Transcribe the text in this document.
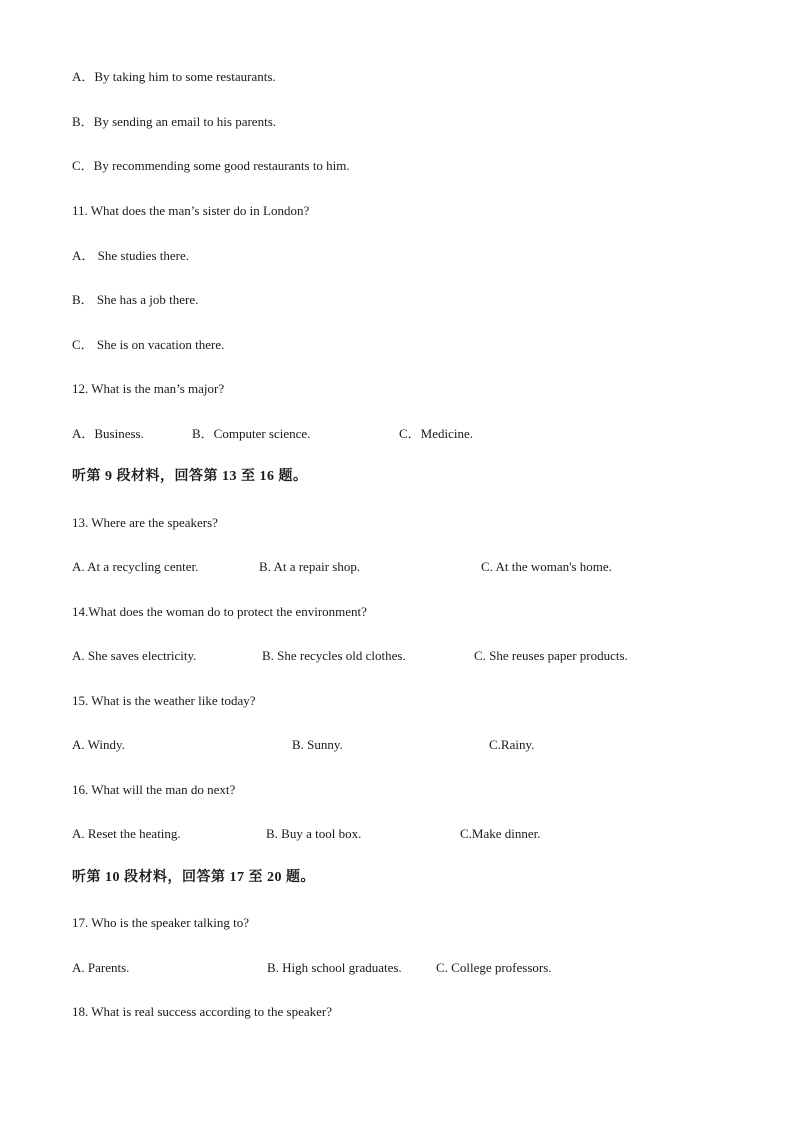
A．By taking him to some restaurants.
B．By sending an email to his parents.
C．By recommending some good restaurants to him.
11. What does the man’s sister do in London?
A． She studies there.
B． She has a job there.
C． She is on vacation there.
12. What is the man’s major?
A．Business.	B．Computer science.	C．Medicine.
听第 9 段材料，回答第 13 至 16 题。
13. Where are the speakers?
A. At a recycling center.	B. At a repair shop.	C. At the woman's home.
14.What does the woman do to protect the environment?
A. She saves electricity.	B. She recycles old clothes.	C. She reuses paper products.
15. What is the weather like today?
A. Windy.	B. Sunny.	C.Rainy.
16. What will the man do next?
A. Reset the heating.	B. Buy a tool box.	C.Make dinner.
听第 10 段材料，回答第 17 至 20 题。
17. Who is the speaker talking to?
A. Parents.	B. High school graduates.	C. College professors.
18. What is real success according to the speaker?
